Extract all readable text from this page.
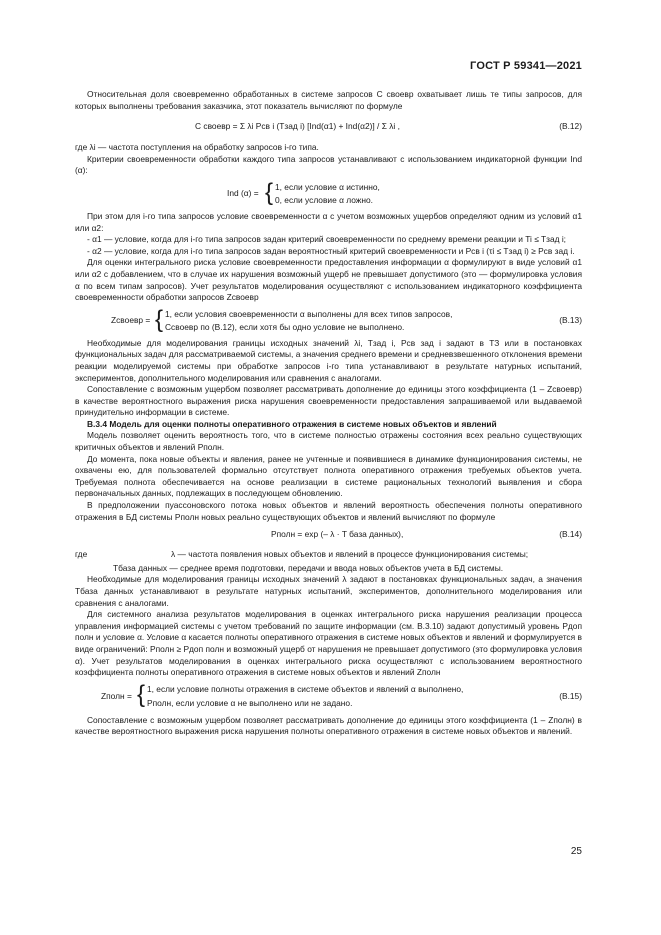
ГОСТ Р 59341—2021

Относительная доля своевременно обработанных в системе запросов C своевр охватывает лишь те типы запросов, для которых выполнены требования заказчика, этот показатель вычисляют по формуле

C своевр = Σ λi Pсв i (Tзад i) [Ind(α1) + Ind(α2)] / Σ λi ,	(В.12)

где λi — частота поступления на обработку запросов i-го типа.

Критерии своевременности обработки каждого типа запросов устанавливают с использованием индикаторной функции Ind (α):

Ind (α) = { 1, если условие α истинно,
0, если условие α ложно.

При этом для i-го типа запросов условие своевременности α с учетом возможных ущербов определяют одним из условий α1 или α2:

- α1 — условие, когда для i-го типа запросов задан критерий своевременности по среднему времени реакции и Ti ≤ Tзад i;

- α2 — условие, когда для i-го типа запросов задан вероятностный критерий своевременности и Pсв i (τi ≤ Tзад i) ≥ Pсв зад i.

Для оценки интегрального риска условие своевременности предоставления информации α формулируют в виде условий α1 или α2 с добавлением, что в случае их нарушения возможный ущерб не превышает допустимого (это — формулировка условия α по всем типам запросов). Учет результатов моделирования осуществляют с использованием индикаторного коэффициента своевременности обработки запросов Zсвоевр

Zсвоевр = { 1, если условия своевременности α выполнены для всех типов запросов,
Cсвоевр по (В.12), если хотя бы одно условие не выполнено.
(В.13)

Необходимые для моделирования границы исходных значений λi, Tзад i, Pсв зад i задают в ТЗ или в постановках функциональных задач для рассматриваемой системы, а значения среднего времени и средневзвешенного отклонения времени реакции моделируемой системы при обработке запросов i-го типа устанавливают в результате натурных испытаний, экспериментов, дополнительного моделирования или сравнения с аналогами.

Сопоставление с возможным ущербом позволяет рассматривать дополнение до единицы этого коэффициента (1 – Zсвоевр) в качестве вероятностного выражения риска нарушения своевременности предоставления запрашиваемой или выдаваемой принудительно информации в системе.

В.3.4 Модель для оценки полноты оперативного отражения в системе новых объектов и явлений

Модель позволяет оценить вероятность того, что в системе полностью отражены состояния всех реально существующих критичных объектов и явлений Pполн.

До момента, пока новые объекты и явления, ранее не учтенные и появившиеся в динамике функционирования системы, не охвачены ею, для пользователей формально отсутствует полнота оперативного отражения требуемых объектов учета. Требуемая полнота обеспечивается на основе реализации в системе рациональных технологий выявления и сбора первоначальных данных, подлежащих в последующем обновлению.

В предположении пуассоновского потока новых объектов и явлений вероятность обеспечения полноты оперативного отражения в БД системы Pполн новых реально существующих объектов и явлений вычисляют по формуле

Pполн = exp (– λ · T база данных),	(В.14)
где	λ — частота появления новых объектов и явлений в процессе функционирования системы;
Tбаза данных — среднее время подготовки, передачи и ввода новых объектов учета в БД системы.

Необходимые для моделирования границы исходных значений λ задают в постановках функциональных задач, а значения Tбаза данных устанавливают в результате натурных испытаний, экспериментов, дополнительного моделирования или сравнения с аналогами.

Для системного анализа результатов моделирования в оценках интегрального риска нарушения реализации процесса управления информацией системы с учетом требований по защите информации (см. В.3.10) задают допустимый уровень Pдоп полн и условие α. Условие α касается полноты оперативного отражения в системе новых объектов и явлений и формулируется в виде ограничений: Pполн ≥ Pдоп полн и возможный ущерб от нарушения не превышает допустимого (это формулировка условия α). Учет результатов моделирования в оценках интегрального риска осуществляют с использованием вероятностного коэффициента полноты оперативного отражения в системе новых объектов и явлений Zполн

Zполн = { 1, если условие полноты отражения в системе объектов и явлений α выполнено,
Pполн, если условие α не выполнено или не задано.
(В.15)

Сопоставление с возможным ущербом позволяет рассматривать дополнение до единицы этого коэффициента (1 – Zполн) в качестве вероятностного выражения риска нарушения полноты оперативного отражения в системе новых объектов и явлений.

25
